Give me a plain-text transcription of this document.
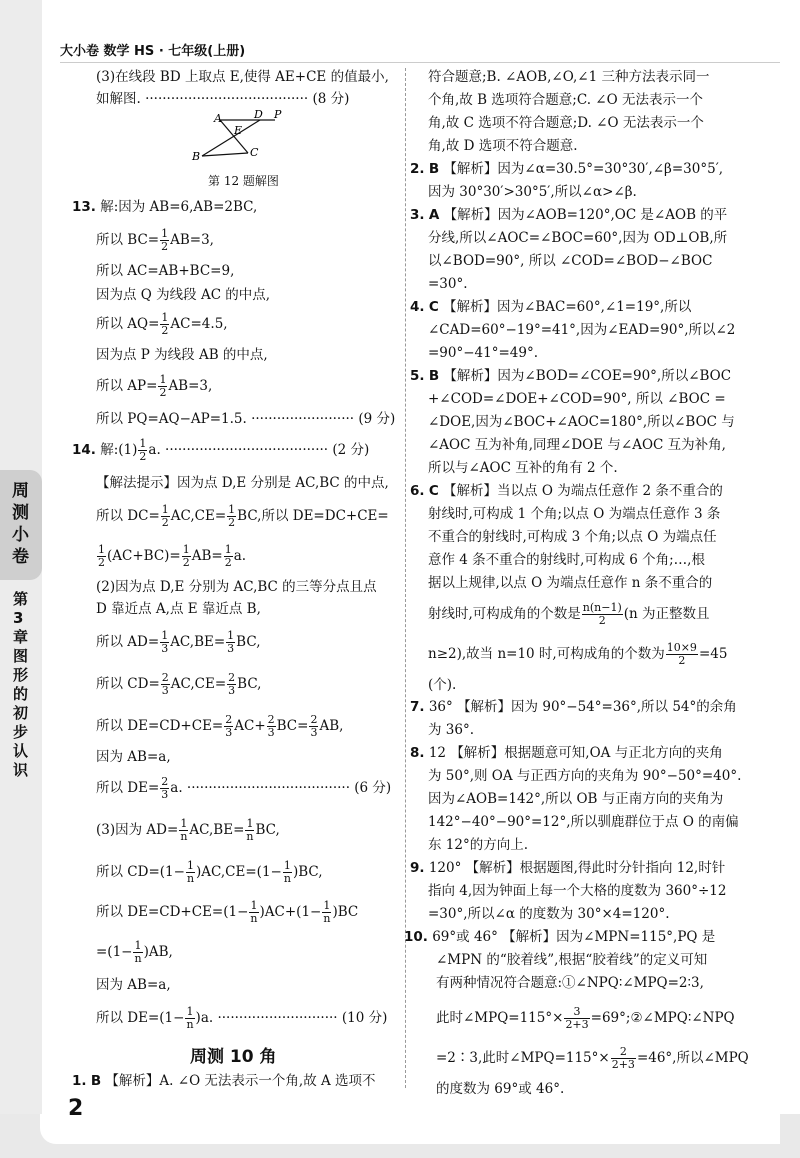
周测小卷
第3章 图形的初步认识
大小卷 数学 HS · 七年级(上册)
2
(3)在线段 BD 上取点 E,使得 AE+CE 的值最小,
如解图. ······································ (8 分)
A	D P
E
B	C
第 12 题解图
13. 解:因为 AB=6,AB=2BC,
所以 $BC= \frac{1}{2} AB=3$,
所以 AC=AB+BC=9,
因为点 Q 为线段 AC 的中点,
所以 $AQ= \frac{1}{2} AC=4.5$,
因为点 P 为线段 AB 的中点,
所以 $AP= \frac{1}{2} AB=3$,
所以 PQ=AQ−AP=1.5. ························ (9 分)
14. 解:(1) $\frac{1}{2} a$. ······································ (2 分)
【解法提示】因为点 D,E 分别是 AC,BC 的中点,
所以 $DC= \frac{1}{2} AC,CE= \frac{1}{2}$ BC,所以 DE=DC+CE=
$\frac{1}{2} (AC+BC)= \frac{1}{2} AB= \frac{1}{2} a$.
(2)因为点 D,E 分别为 AC,BC 的三等分点且点
D 靠近点 A,点 E 靠近点 B,
所以 $AD= \frac{1}{3} AC,BE= \frac{1}{3}$ BC,
所以 $CD= \frac{2}{3} AC,CE= \frac{2}{3}$ BC,
所以 $DE=CD+CE= \frac{2}{3} AC+ \frac{2}{3} BC= \frac{2}{3}$ AB,
因为 AB=a,
所以 $DE= \frac{2}{3} a$. ······································ (6 分)
(3)因为 $AD= \frac{1}{n} AC,BE= \frac{1}{n}$ BC,
所以 $CD=(1- \frac{1}{n} )AC,CE=(1- \frac{1}{n} )BC$,
所以 $DE=CD+CE=(1- \frac{1}{n} )AC+(1- \frac{1}{n} )BC$
$=(1- \frac{1}{n} )AB$,
因为 AB=a,
所以 $DE=(1- \frac{1}{n} )a$. ···························· (10 分)
周测 10 角
1. B 【解析】A. ∠O 无法表示一个角,故 A 选项不
符合题意;B. ∠AOB,∠O,∠1 三种方法表示同一
个角,故 B 选项符合题意;C. ∠O 无法表示一个
角,故 C 选项不符合题意;D. ∠O 无法表示一个
角,故 D 选项不符合题意.
2. B 【解析】因为∠α=30.5°=30°30′,∠β=30°5′,
因为 30°30′>30°5′,所以∠α>∠β.
3. A 【解析】因为∠AOB=120°,OC 是∠AOB 的平
分线,所以∠AOC=∠BOC=60°,因为 OD⊥OB,所
以∠BOD=90°, 所以 ∠COD=∠BOD−∠BOC
=30°.
4. C 【解析】因为∠BAC=60°,∠1=19°,所以
∠CAD=60°−19°=41°,因为∠EAD=90°,所以∠2
=90°−41°=49°.
5. B 【解析】因为∠BOD=∠COE=90°,所以∠BOC
+∠COD=∠DOE+∠COD=90°, 所以 ∠BOC =
∠DOE,因为∠BOC+∠AOC=180°,所以∠BOC 与
∠AOC 互为补角,同理∠DOE 与∠AOC 互为补角,
所以与∠AOC 互补的角有 2 个.
6. C 【解析】当以点 O 为端点任意作 2 条不重合的
射线时,可构成 1 个角;以点 O 为端点任意作 3 条
不重合的射线时,可构成 3 个角;以点 O 为端点任
意作 4 条不重合的射线时,可构成 6 个角;…,根
据以上规律,以点 O 为端点任意作 n 条不重合的
射线时,可构成角的个数是 $\frac{n(n-1)}{2} (n$ 为正整数且
n≥2),故当 n=10 时,可构成角的个数为 $\frac{10\times 9}{2} =45$
(个).
7. 36° 【解析】因为 90°−54°=36°,所以 54°的余角
为 36°.
8. 12 【解析】根据题意可知,OA 与正北方向的夹角
为 50°,则 OA 与正西方向的夹角为 90°−50°=40°.
因为∠AOB=142°,所以 OB 与正南方向的夹角为
142°−40°−90°=12°,所以驯鹿群位于点 O 的南偏
东 12°的方向上.
9. 120° 【解析】根据题图,得此时分针指向 12,时针
指向 4,因为钟面上每一个大格的度数为 360°÷12
=30°,所以∠α 的度数为 30°×4=120°.
10. 69°或 46° 【解析】因为∠MPN=115°,PQ 是
∠MPN 的“胶着线”,根据“胶着线”的定义可知
有两种情况符合题意:①∠NPQ∶∠MPQ=2∶3,
此时∠MPQ=115°× $\frac{3}{2+3}$ =69°;②∠MPQ∶∠NPQ
=2∶3,此时∠MPQ=115°× $\frac{2}{2+3} =46^\circ$,所以∠MPQ
的度数为 69°或 46°.
